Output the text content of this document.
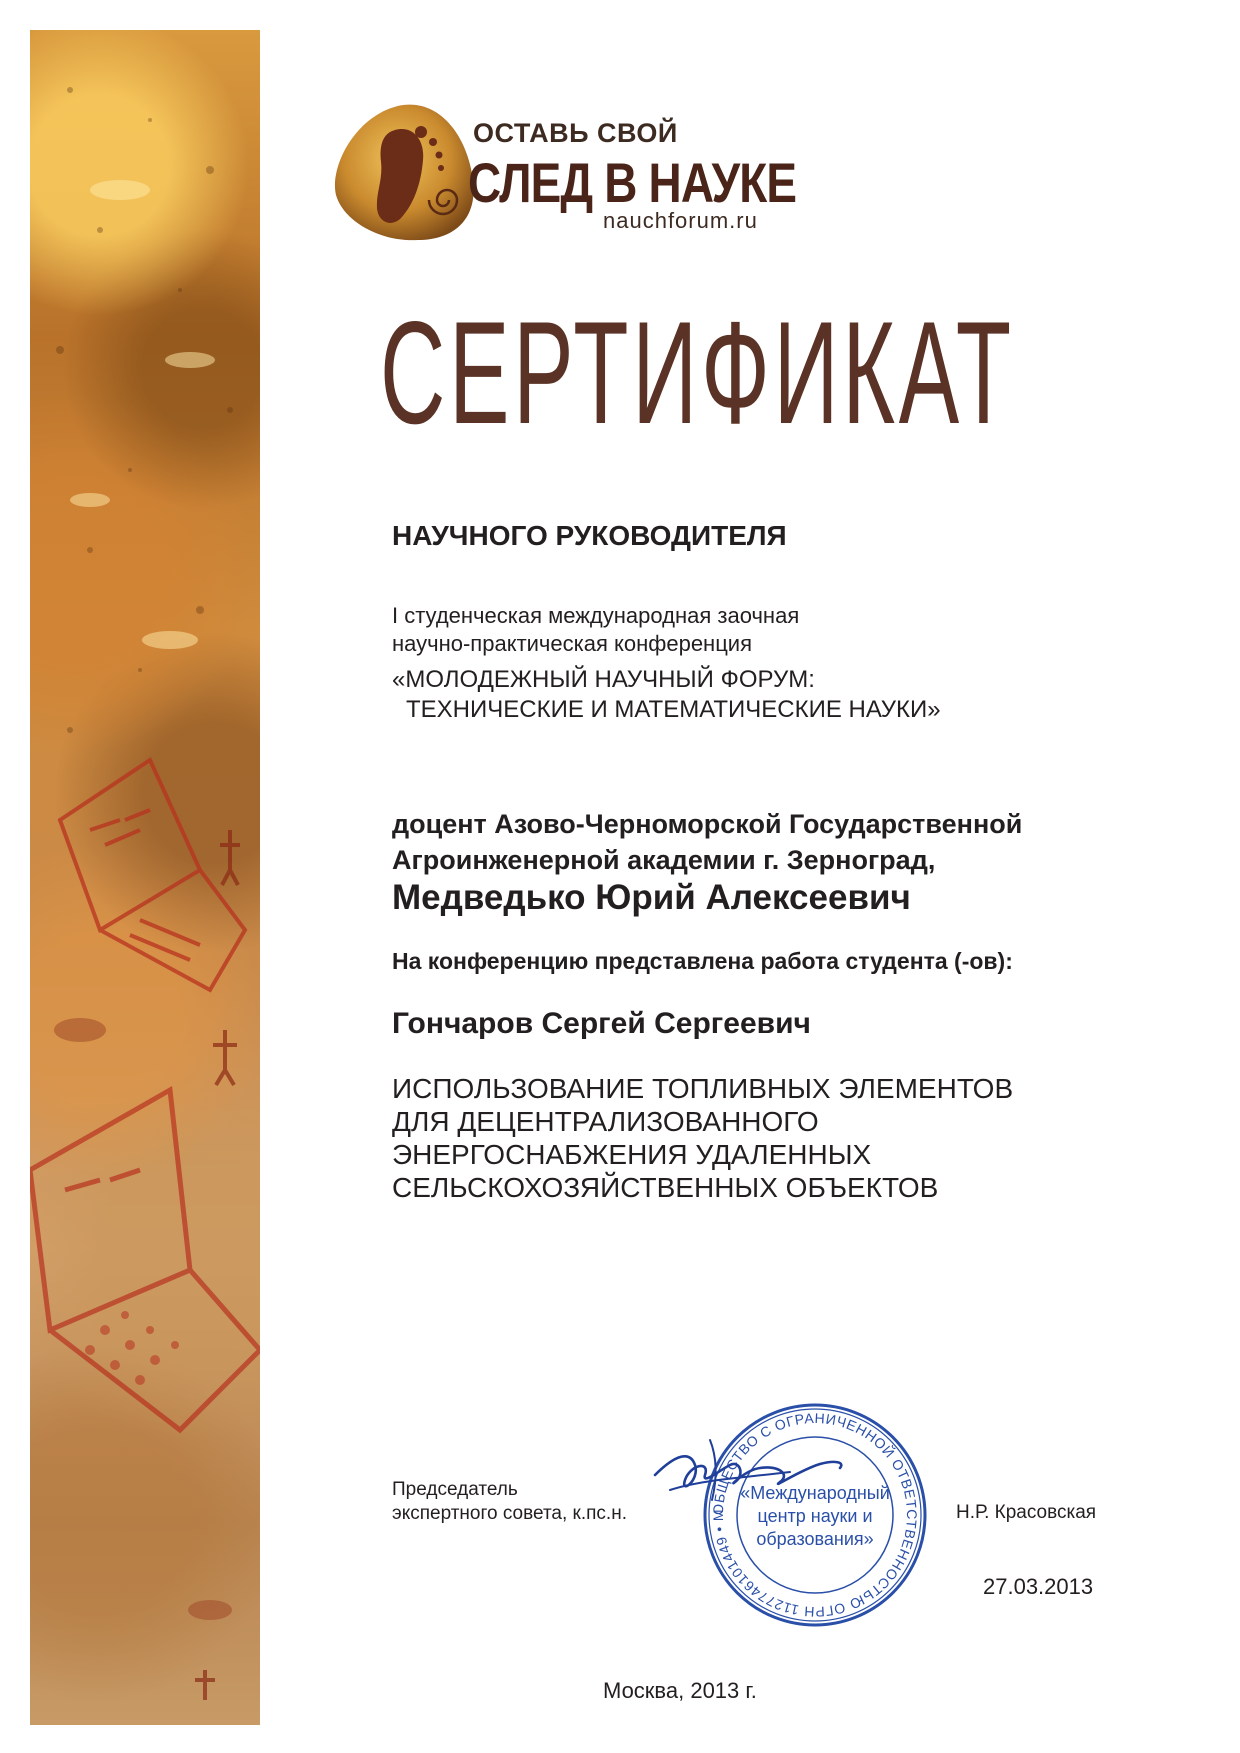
ОСТАВЬ СВОЙ
СЛЕД В НАУКЕ
nauchforum.ru
СЕРТИФИКАТ
НАУЧНОГО РУКОВОДИТЕЛЯ
I студенческая международная заочная
научно-практическая конференция
«МОЛОДЕЖНЫЙ НАУЧНЫЙ ФОРУМ:
ТЕХНИЧЕСКИЕ И МАТЕМАТИЧЕСКИЕ НАУКИ»
доцент Азово-Черноморской Государственной
Агроинженерной академии г. Зерноград,
Медведько Юрий Алексеевич
На конференцию представлена работа студента (-ов):
Гончаров Сергей Сергеевич
ИСПОЛЬЗОВАНИЕ ТОПЛИВНЫХ ЭЛЕМЕНТОВ
ДЛЯ ДЕЦЕНТРАЛИЗОВАННОГО
ЭНЕРГОСНАБЖЕНИЯ УДАЛЕННЫХ
СЕЛЬСКОХОЗЯЙСТВЕННЫХ ОБЪЕКТОВ
Председатель
экспертного совета, к.пс.н.	ОБЩЕСТВО С ОГРАНИЧЕННОЙ ОТВЕТСТВЕННОСТЬЮ ОГРН 1127746101449 • М
«Международный
центр науки и
образования»
Н.Р. Красовская
27.03.2013
Москва, 2013 г.
